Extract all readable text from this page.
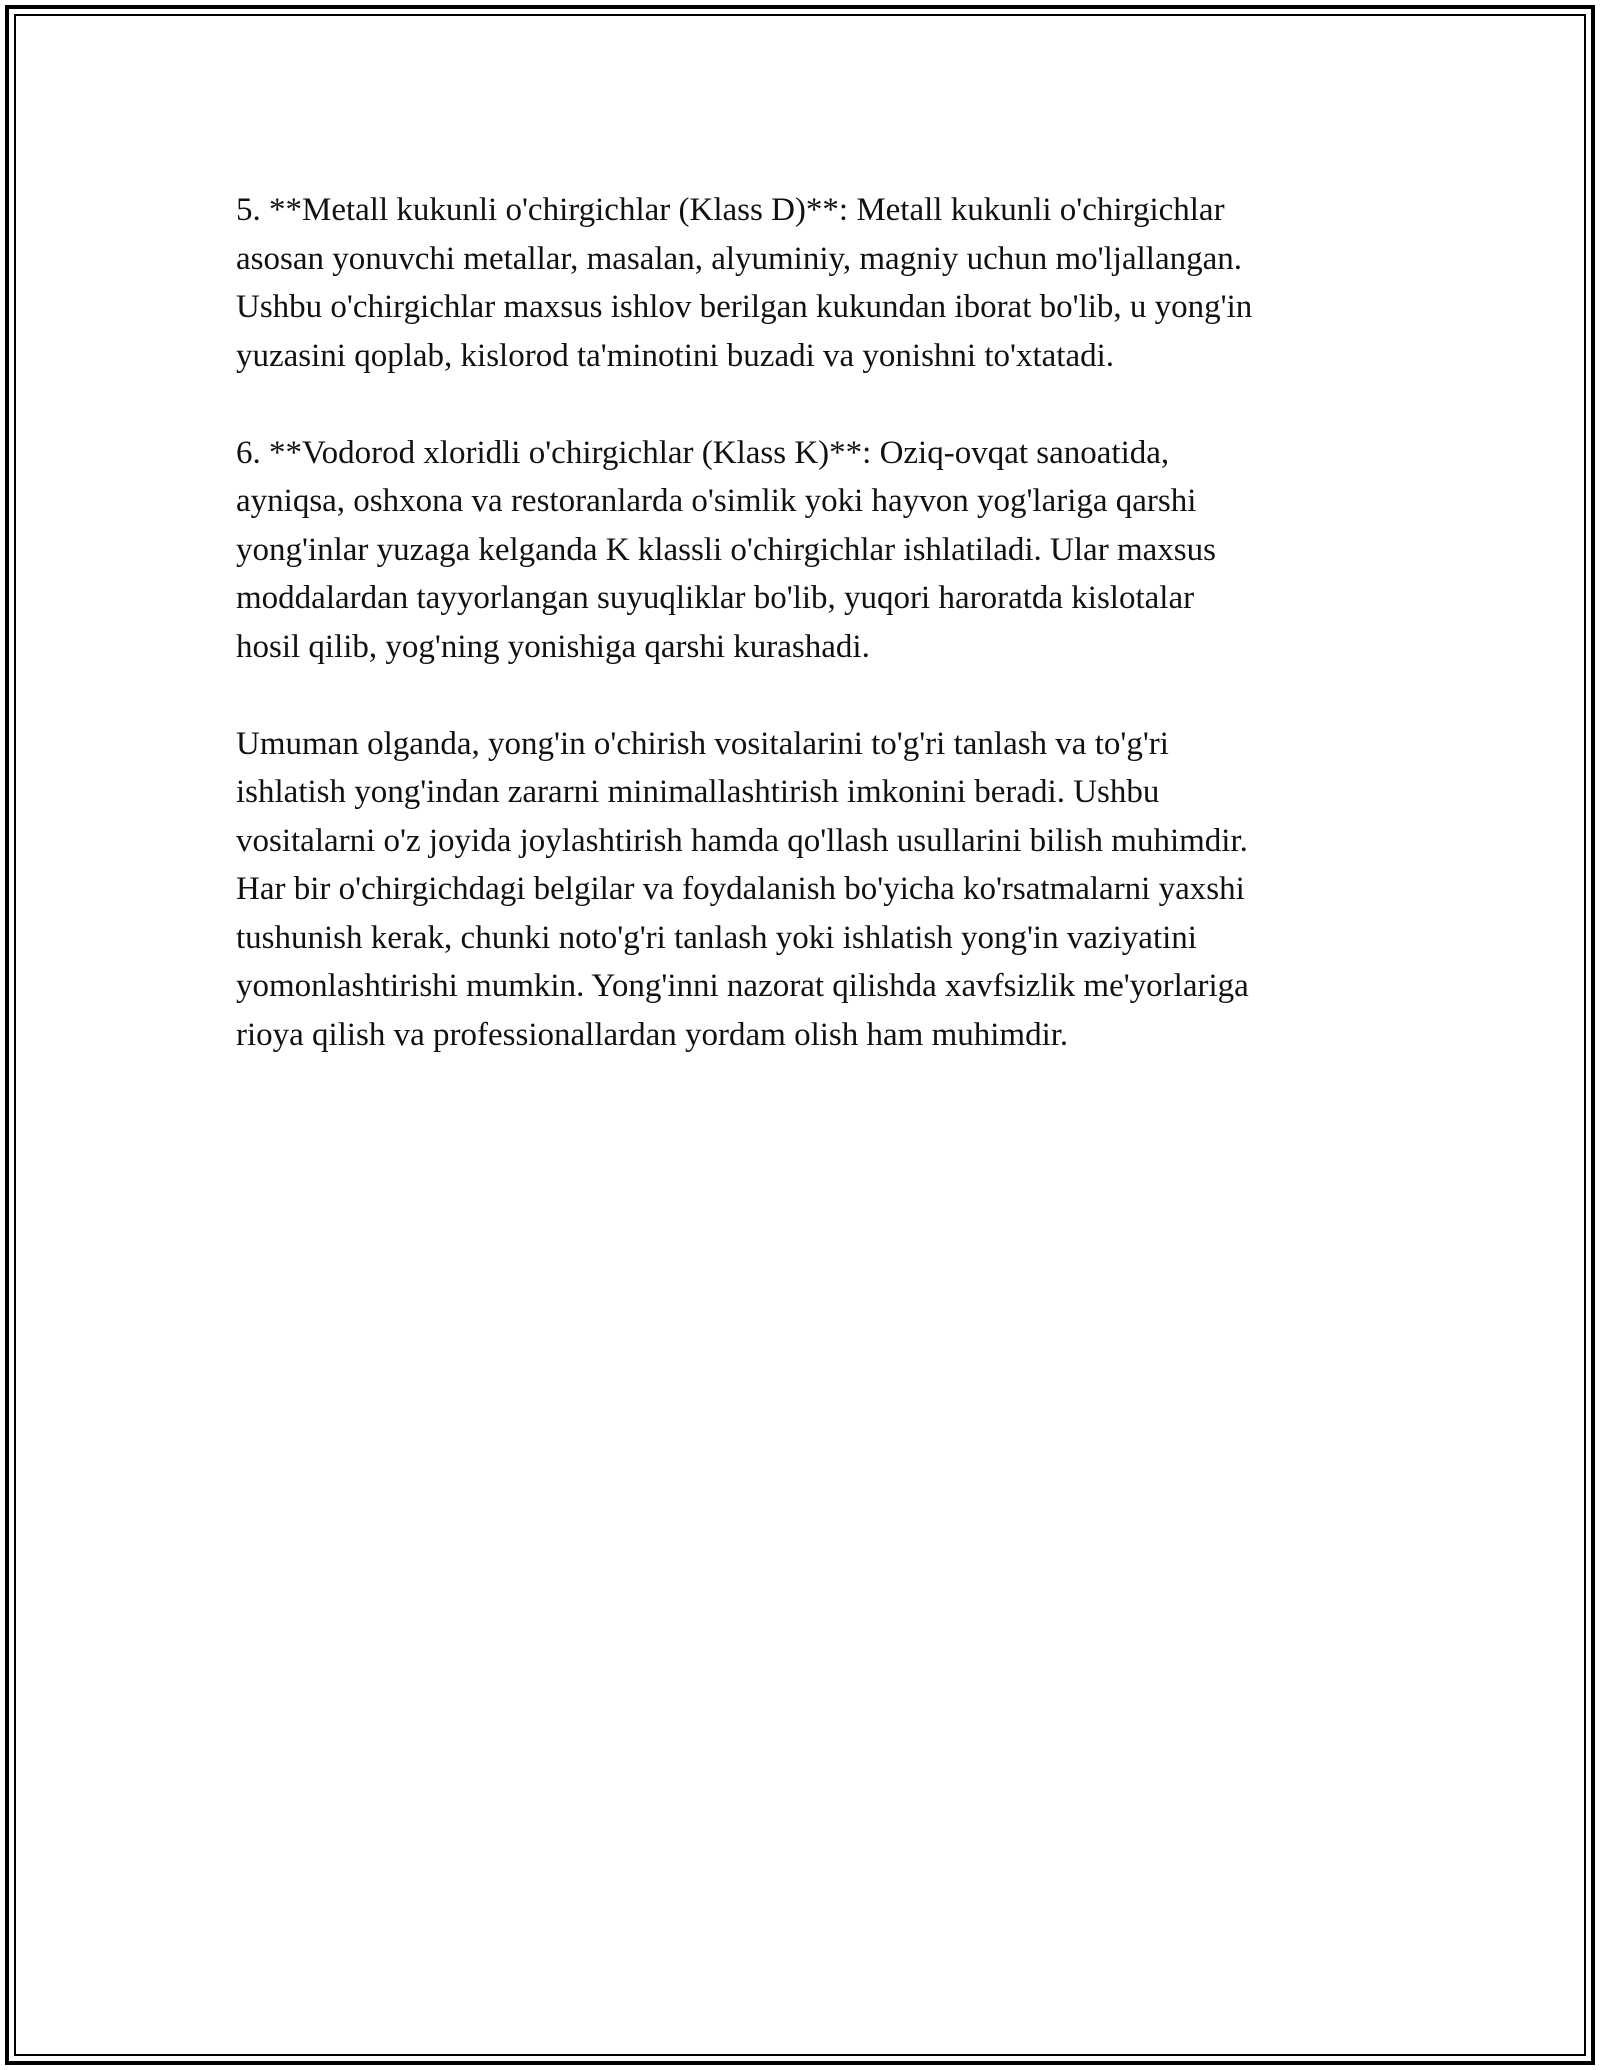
5. **Metall kukunli o'chirgichlar (Klass D)**: Metall kukunli o'chirgichlar
asosan yonuvchi metallar, masalan, alyuminiy, magniy uchun mo'ljallangan.
Ushbu o'chirgichlar maxsus ishlov berilgan kukundan iborat bo'lib, u yong'in
yuzasini qoplab, kislorod ta'minotini buzadi va yonishni to'xtatadi.

6. **Vodorod xloridli o'chirgichlar (Klass K)**: Oziq-ovqat sanoatida,
ayniqsa, oshxona va restoranlarda o'simlik yoki hayvon yog'lariga qarshi
yong'inlar yuzaga kelganda K klassli o'chirgichlar ishlatiladi. Ular maxsus
moddalardan tayyorlangan suyuqliklar bo'lib, yuqori haroratda kislotalar
hosil qilib, yog'ning yonishiga qarshi kurashadi.

Umuman olganda, yong'in o'chirish vositalarini to'g'ri tanlash va to'g'ri
ishlatish yong'indan zararni minimallashtirish imkonini beradi. Ushbu
vositalarni o'z joyida joylashtirish hamda qo'llash usullarini bilish muhimdir.
Har bir o'chirgichdagi belgilar va foydalanish bo'yicha ko'rsatmalarni yaxshi
tushunish kerak, chunki noto'g'ri tanlash yoki ishlatish yong'in vaziyatini
yomonlashtirishi mumkin. Yong'inni nazorat qilishda xavfsizlik me'yorlariga
rioya qilish va professionallardan yordam olish ham muhimdir.
